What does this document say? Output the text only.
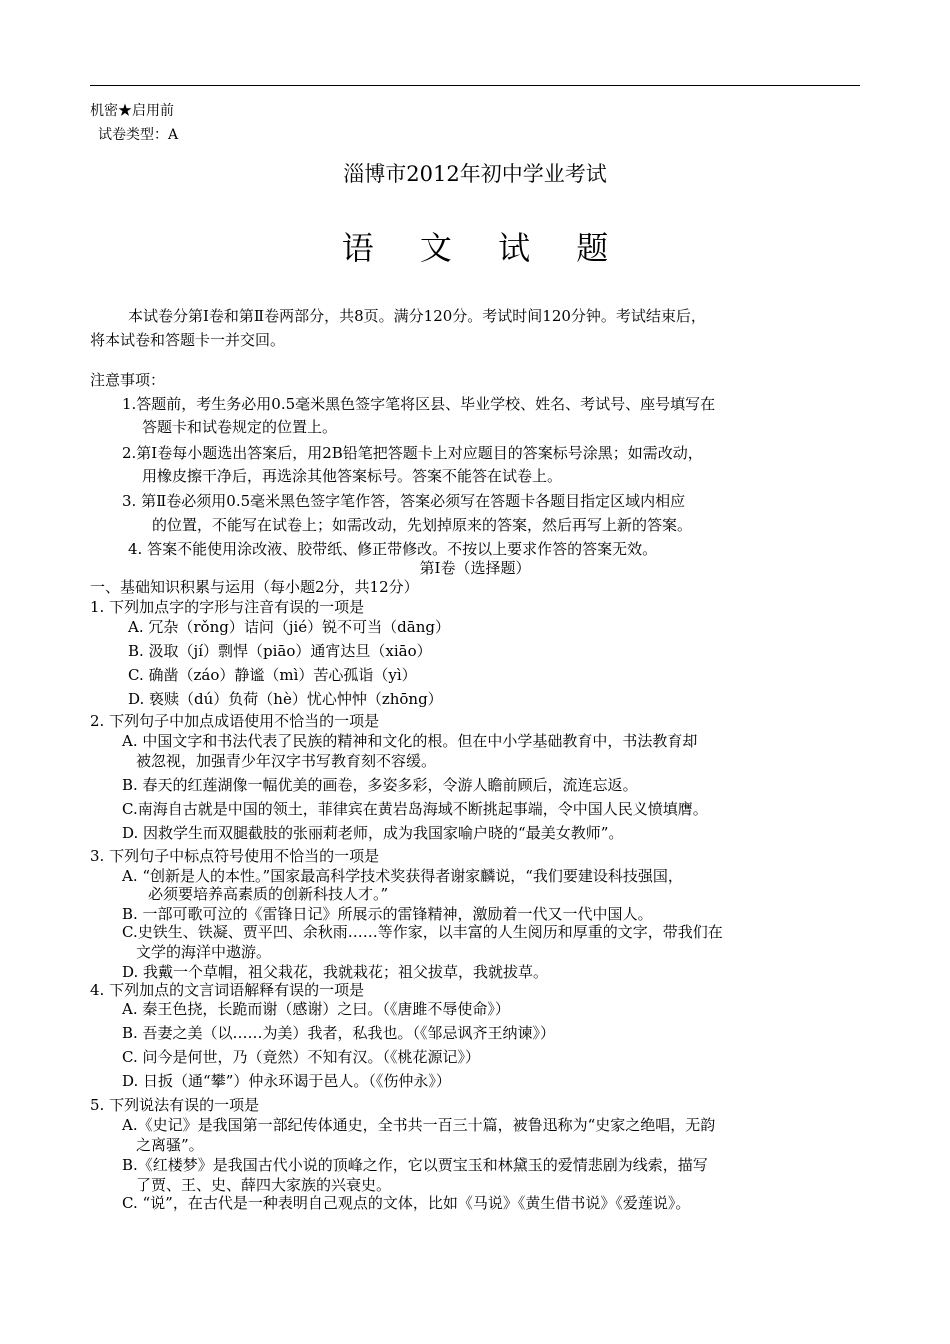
机密★启用前
试卷类型：A
淄博市2012年初中学业考试
语 文 试 题
本试卷分第Ⅰ卷和第Ⅱ卷两部分，共8页。满分120分。考试时间120分钟。考试结束后，
将本试卷和答题卡一并交回。
注意事项：
1.答题前，考生务必用0.5毫米黑色签字笔将区县、毕业学校、姓名、考试号、座号填写在
答题卡和试卷规定的位置上。
2.第Ⅰ卷每小题选出答案后，用2B铅笔把答题卡上对应题目的答案标号涂黑；如需改动，
用橡皮擦干净后，再选涂其他答案标号。答案不能答在试卷上。
3. 第Ⅱ卷必须用0.5毫米黑色签字笔作答，答案必须写在答题卡各题目指定区域内相应
的位置，不能写在试卷上；如需改动，先划掉原来的答案，然后再写上新的答案。
4. 答案不能使用涂改液、胶带纸、修正带修改。不按以上要求作答的答案无效。
第Ⅰ卷（选择题）
一、基础知识积累与运用（每小题2分，共12分）
1. 下列加点字的字形与注音有误的一项是
A. 冗杂（rǒng）诘问（jié）锐不可当（dāng）
B. 汲取（jí）剽悍（piāo）通宵达旦（xiāo）
C. 确凿（záo）静谧（mì）苦心孤诣（yì）
D. 亵赎（dú）负荷（hè）忧心忡忡（zhōng）
2. 下列句子中加点成语使用不恰当的一项是
A. 中国文字和书法代表了民族的精神和文化的根。但在中小学基础教育中，书法教育却
被忽视，加强青少年汉字书写教育刻不容缓。
B. 春天的红莲湖像一幅优美的画卷，多姿多彩，令游人瞻前顾后，流连忘返。
C.南海自古就是中国的领土，菲律宾在黄岩岛海域不断挑起事端，令中国人民义愤填膺。
D. 因救学生而双腿截肢的张丽莉老师，成为我国家喻户晓的“最美女教师”。
3. 下列句子中标点符号使用不恰当的一项是
A. “创新是人的本性。”国家最高科学技术奖获得者谢家麟说，“我们要建设科技强国，
必须要培养高素质的创新科技人才。”
B. 一部可歌可泣的《雷锋日记》所展示的雷锋精神，激励着一代又一代中国人。
C.史铁生、铁凝、贾平凹、余秋雨……等作家，以丰富的人生阅历和厚重的文字，带我们在
文学的海洋中遨游。
D. 我戴一个草帽，祖父栽花，我就栽花；祖父拔草，我就拔草。
4. 下列加点的文言词语解释有误的一项是
A. 秦王色挠，长跪而谢（感谢）之曰。（《唐雎不辱使命》）
B. 吾妻之美（以……为美）我者，私我也。（《邹忌讽齐王纳谏》）
C. 问今是何世，乃（竟然）不知有汉。（《桃花源记》）
D. 日扳（通“攀”）仲永环谒于邑人。（《伤仲永》）
5. 下列说法有误的一项是
A.《史记》是我国第一部纪传体通史，全书共一百三十篇，被鲁迅称为“史家之绝唱，无韵
之离骚”。
B.《红楼梦》是我国古代小说的顶峰之作，它以贾宝玉和林黛玉的爱情悲剧为线索，描写
了贾、王、史、薛四大家族的兴衰史。
C. “说”，在古代是一种表明自己观点的文体，比如《马说》《黄生借书说》《爱莲说》。
